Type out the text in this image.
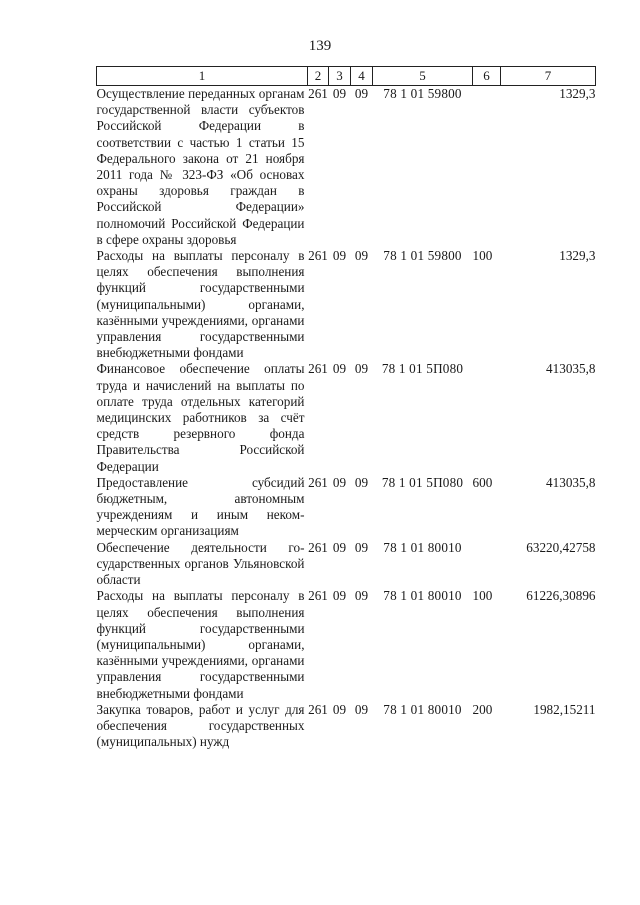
139
1	2	3	4	5	6	7
Осуществление переданных органам государственной власти субъектов Российской Федерации в соответствии с частью 1 статьи 15 Федерального закона от 21 ноября 2011 года № 323-ФЗ «Об основах охраны здоровья граждан в Российской Федерации» полномочий Российской Федерации в сфере охраны здоровья	261	09	09	78 1 01 59800		1329,3
Расходы на выплаты персоналу в целях обеспечения выполнения функций государственными (муниципальными) органами, казёнными учреждениями, органами управления государственными внебюджетными фондами	261	09	09	78 1 01 59800	100	1329,3
Финансовое обеспечение оплаты труда и начислений на выплаты по оплате труда отдельных категорий медицинских работников за счёт средств резервного фонда Правительства Российской Федерации	261	09	09	78 1 01 5П080		413035,8
Предоставление субсидий бюджетным, автономным учреждениям и иным некоммерческим организациям	261	09	09	78 1 01 5П080	600	413035,8
Обеспечение деятельности государственных органов Ульяновской области	261	09	09	78 1 01 80010		63220,42758
Расходы на выплаты персоналу в целях обеспечения выполнения функций государственными (муниципальными) органами, казёнными учреждениями, органами управления государственными внебюджетными фондами	261	09	09	78 1 01 80010	100	61226,30896
Закупка товаров, работ и услуг для обеспечения государственных (муниципальных) нужд	261	09	09	78 1 01 80010	200	1982,15211
